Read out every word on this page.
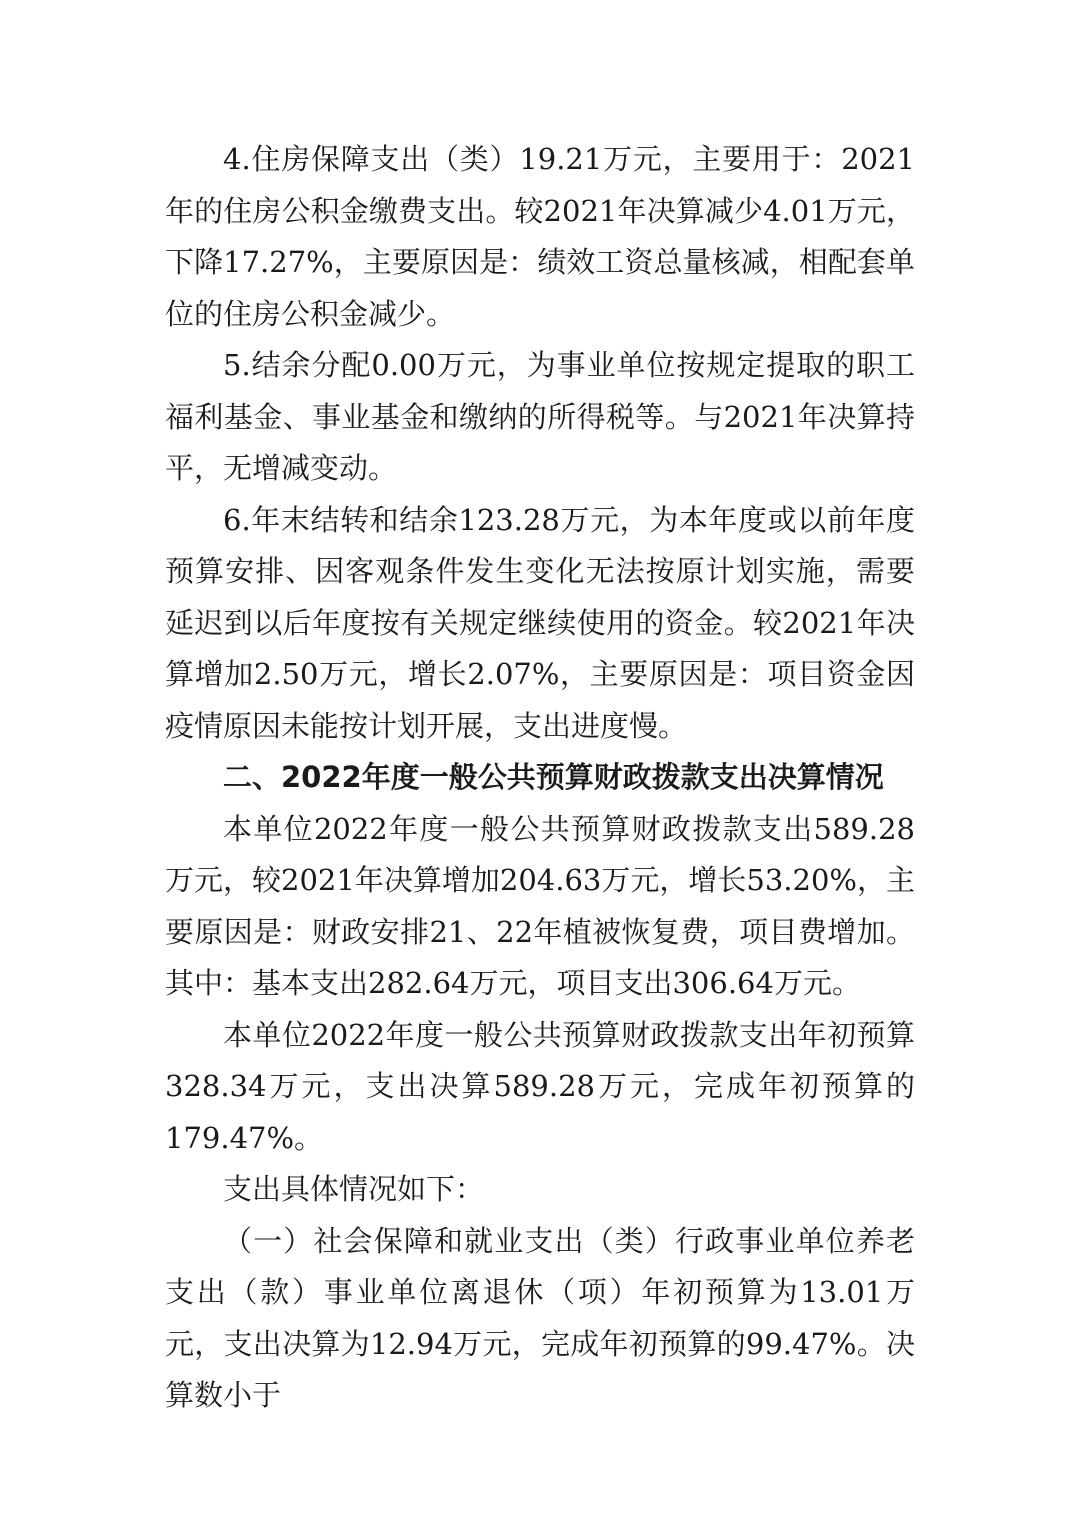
4.住房保障支出（类）19.21万元，主要用于：2021年的住房公积金缴费支出。较2021年决算减少4.01万元，下降17.27%，主要原因是：绩效工资总量核减，相配套单位的住房公积金减少。

5.结余分配0.00万元，为事业单位按规定提取的职工福利基金、事业基金和缴纳的所得税等。与2021年决算持平，无增减变动。

6.年末结转和结余123.28万元，为本年度或以前年度预算安排、因客观条件发生变化无法按原计划实施，需要延迟到以后年度按有关规定继续使用的资金。较2021年决算增加2.50万元，增长2.07%，主要原因是：项目资金因疫情原因未能按计划开展，支出进度慢。

二、2022年度一般公共预算财政拨款支出决算情况

本单位2022年度一般公共预算财政拨款支出589.28万元，较2021年决算增加204.63万元，增长53.20%，主要原因是：财政安排21、22年植被恢复费，项目费增加。其中：基本支出282.64万元，项目支出306.64万元。

本单位2022年度一般公共预算财政拨款支出年初预算328.34万元，支出决算589.28万元，完成年初预算的179.47%。

支出具体情况如下：

（一）社会保障和就业支出（类）行政事业单位养老支出（款）事业单位离退休（项）年初预算为13.01万元，支出决算为12.94万元，完成年初预算的99.47%。决算数小于
